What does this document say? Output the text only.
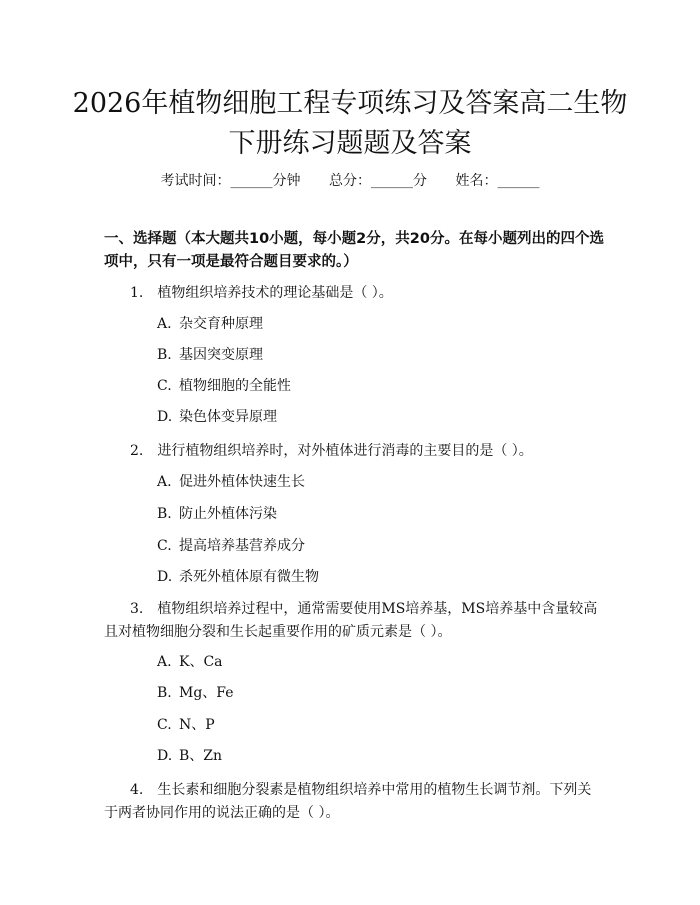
2026年植物细胞工程专项练习及答案高二生物下册练习题题及答案
考试时间：______分钟 总分：______分 姓名：______
一、选择题（本大题共10小题，每小题2分，共20分。在每小题列出的四个选项中，只有一项是最符合题目要求的。）
1. 植物组织培养技术的理论基础是（ ）。
A. 杂交育种原理
B. 基因突变原理
C. 植物细胞的全能性
D. 染色体变异原理
2. 进行植物组织培养时，对外植体进行消毒的主要目的是（ ）。
A. 促进外植体快速生长
B. 防止外植体污染
C. 提高培养基营养成分
D. 杀死外植体原有微生物
3. 植物组织培养过程中，通常需要使用MS培养基，MS培养基中含量较高且对植物细胞分裂和生长起重要作用的矿质元素是（ ）。
A. K、Ca
B. Mg、Fe
C. N、P
D. B、Zn
4. 生长素和细胞分裂素是植物组织培养中常用的植物生长调节剂。下列关于两者协同作用的说法正确的是（ ）。
